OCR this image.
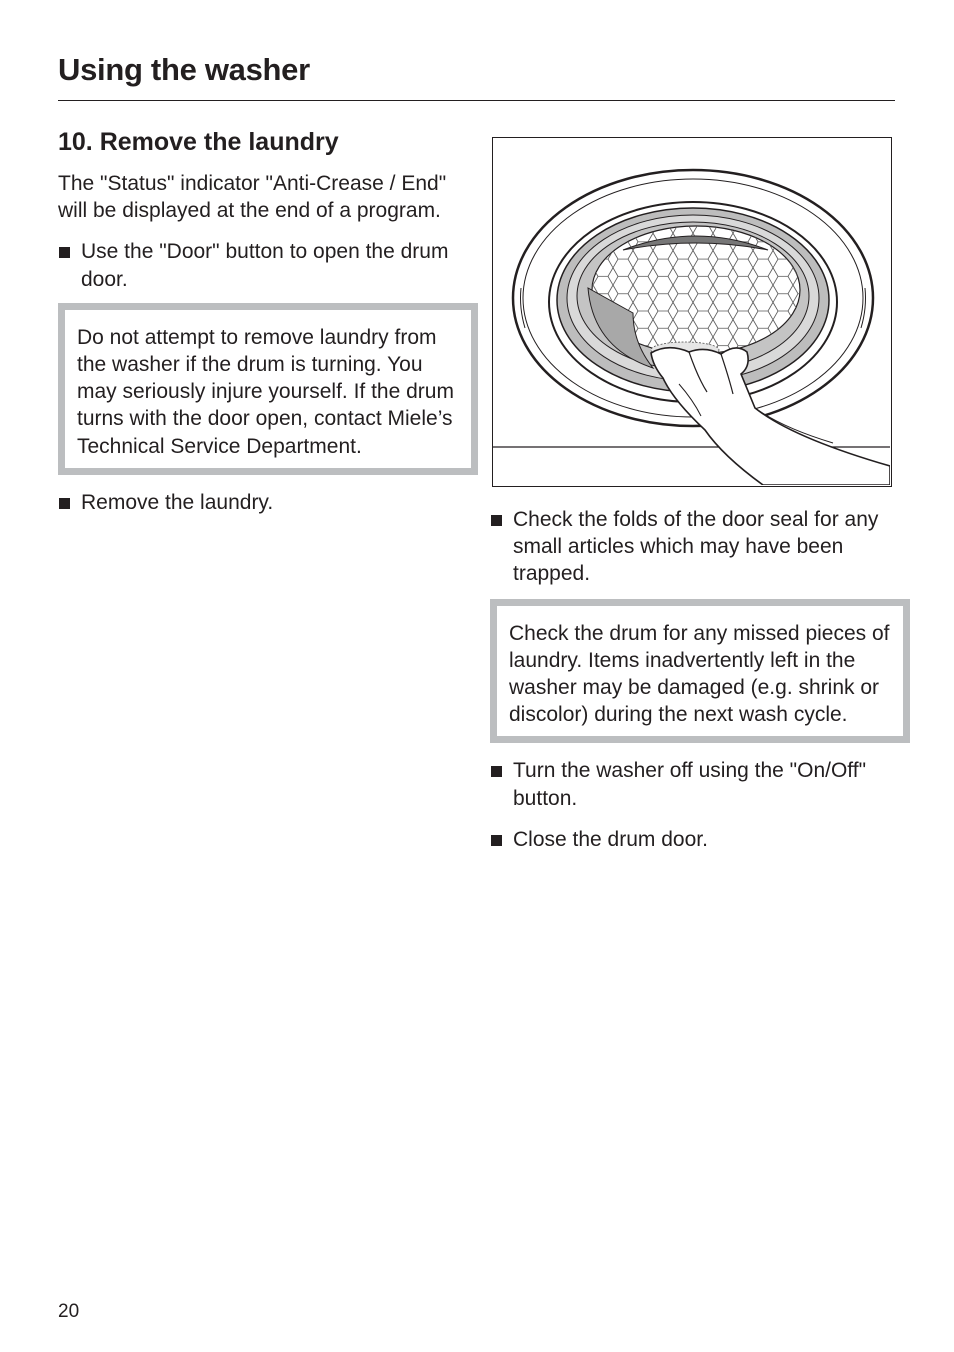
Using the washer
10. Remove the laundry

The "Status" indicator "Anti-Crease / End" will be displayed at the end of a program.

Use the "Door" button to open the drum door.

Do not attempt to remove laundry from the washer if the drum is turning. You may seriously injure yourself. If the drum turns with the door open, contact Miele’s Technical Service Department.

Remove the laundry.
Check the folds of the door seal for any small articles which may have been trapped.

Check the drum for any missed pieces of laundry. Items inadvertently left in the washer may be damaged (e.g. shrink or discolor) during the next wash cycle.

Turn the washer off using the "On/Off" button.
Close the drum door.
20
